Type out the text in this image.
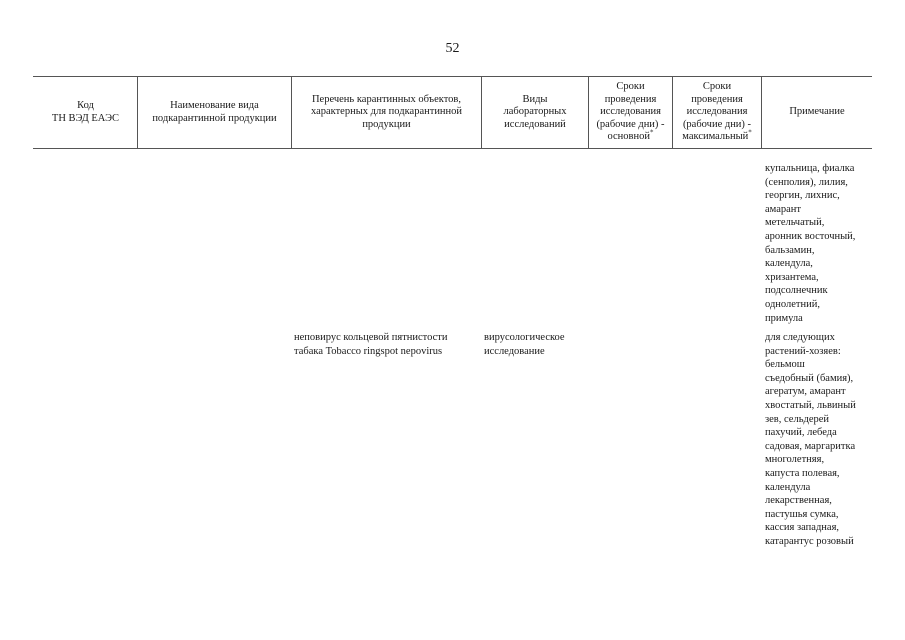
52
Код
ТН ВЭД ЕАЭС
Наименование вида
подкарантинной продукции
Перечень карантинных объектов,
характерных для подкарантинной
продукции
Виды
лабораторных
исследований
Сроки
проведения
исследования
(рабочие дни) -
основной*
Сроки
проведения
исследования
(рабочие дни) -
максимальный*
Примечание
купальница, фиалка
(сенполия), лилия,
георгин, лихнис,
амарант
метельчатый,
аронник восточный,
бальзамин,
календула,
хризантема,
подсолнечник
однолетний,
примула
неповирус кольцевой пятнистости
табака Tobacco ringspot nepovirus
вирусологическое
исследование
для следующих
растений-хозяев:
бельмош
съедобный (бамия),
агератум, амарант
хвостатый, львиный
зев, сельдерей
пахучий, лебеда
садовая, маргаритка
многолетняя,
капуста полевая,
календула
лекарственная,
пастушья сумка,
кассия западная,
катарантус розовый
